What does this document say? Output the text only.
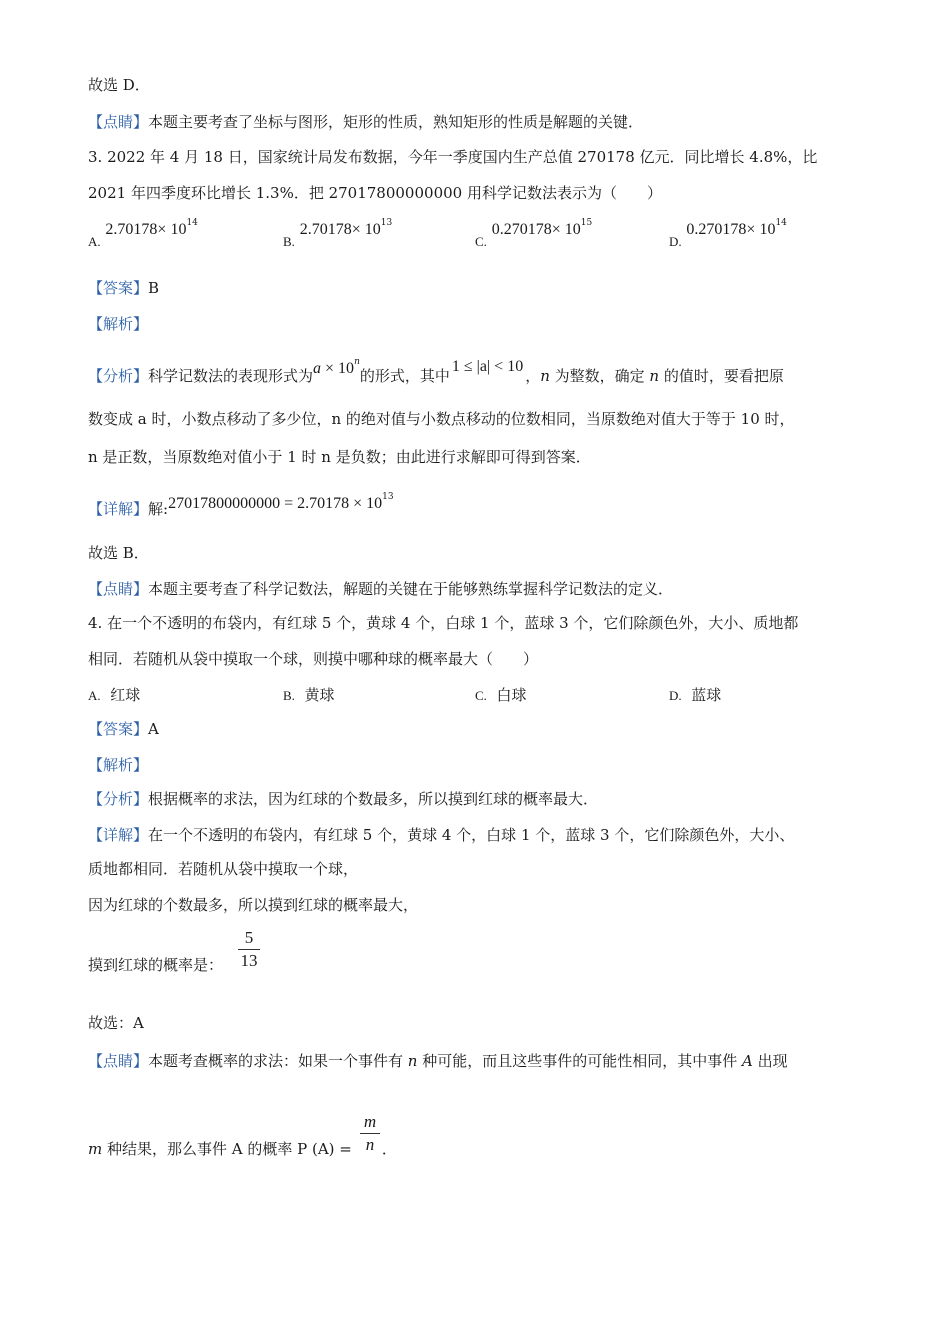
故选 D．
【点睛】本题主要考查了坐标与图形，矩形的性质，熟知矩形的性质是解题的关键．
3. 2022 年 4 月 18 日，国家统计局发布数据，今年一季度国内生产总值 270178 亿元．同比增长 4.8%，比
2021 年四季度环比增长 1.3%．把 27017800000000 用科学记数法表示为（　　）
A. $2.70178\times 10^{14}$
B. $2.70178\times 10^{13}$
C. $0.270178\times 10^{15}$
D. $0.270178\times 10^{14}$
【答案】B
【解析】
【分析】科学记数法的表现形式为$a \times 10^n$的形式，其中1 ≤ |a| < 10，n 为整数，确定 n 的值时，要看把原
数变成 a 时，小数点移动了多少位，n 的绝对值与小数点移动的位数相同，当原数绝对值大于等于 10 时，
n 是正数，当原数绝对值小于 1 时 n 是负数；由此进行求解即可得到答案．
【详解】解:27017800000000 = $2.70178 \times 10^{13}$
故选 B．
【点睛】本题主要考查了科学记数法，解题的关键在于能够熟练掌握科学记数法的定义．
4. 在一个不透明的布袋内，有红球 5 个，黄球 4 个，白球 1 个，蓝球 3 个，它们除颜色外，大小、质地都
相同．若随机从袋中摸取一个球，则摸中哪种球的概率最大（　　）
A. 红球	B. 黄球	C. 白球	D. 蓝球
【答案】A
【解析】
【分析】根据概率的求法，因为红球的个数最多，所以摸到红球的概率最大．
【详解】在一个不透明的布袋内，有红球 5 个，黄球 4 个，白球 1 个，蓝球 3 个，它们除颜色外，大小、
质地都相同．若随机从袋中摸取一个球，
因为红球的个数最多，所以摸到红球的概率最大，
摸到红球的概率是：
5
13
故选：A
【点睛】本题考查概率的求法：如果一个事件有 n 种可能，而且这些事件的可能性相同，其中事件 A 出现
m 种结果，那么事件 A 的概率 P (A) = ．
m
n
